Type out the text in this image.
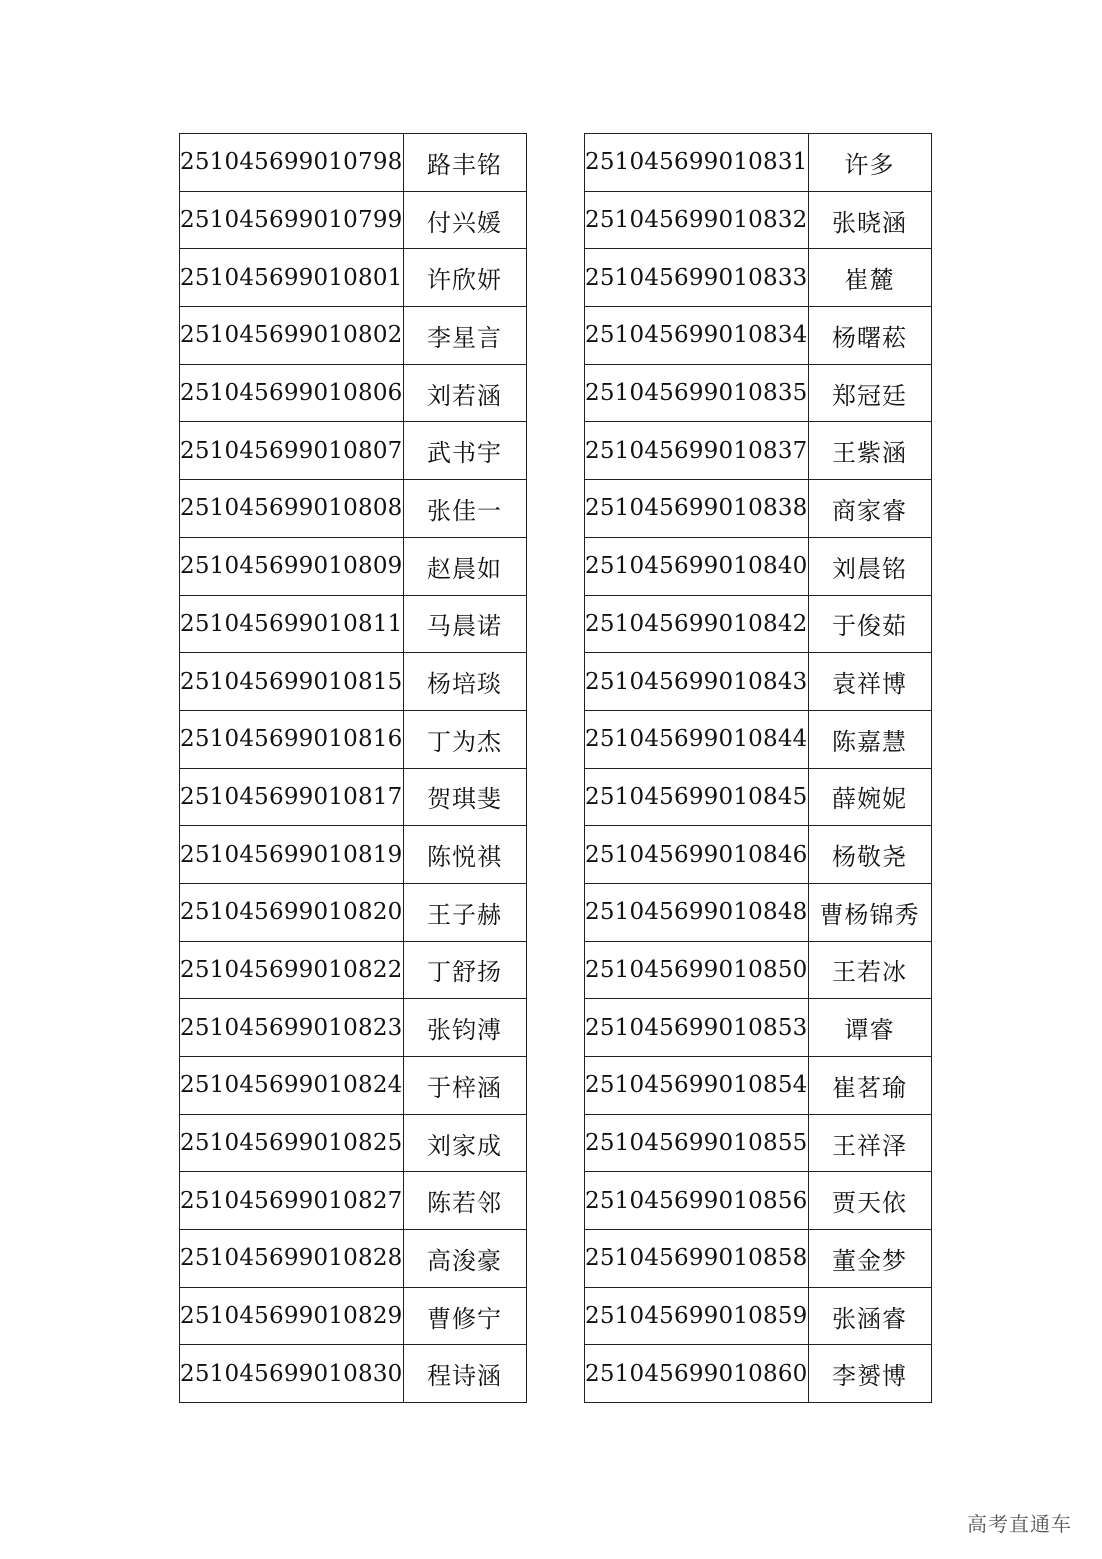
251045699010798	路丰铭
251045699010799	付兴媛
251045699010801	许欣妍
251045699010802	李星言
251045699010806	刘若涵
251045699010807	武书宇
251045699010808	张佳一
251045699010809	赵晨如
251045699010811	马晨诺
251045699010815	杨培琰
251045699010816	丁为杰
251045699010817	贺琪斐
251045699010819	陈悦祺
251045699010820	王子赫
251045699010822	丁舒扬
251045699010823	张钧溥
251045699010824	于梓涵
251045699010825	刘家成
251045699010827	陈若邻
251045699010828	高浚豪
251045699010829	曹修宁
251045699010830	程诗涵
251045699010831	许多
251045699010832	张晓涵
251045699010833	崔麓
251045699010834	杨曙菘
251045699010835	郑冠廷
251045699010837	王紫涵
251045699010838	商家睿
251045699010840	刘晨铭
251045699010842	于俊茹
251045699010843	袁祥博
251045699010844	陈嘉慧
251045699010845	薛婉妮
251045699010846	杨敬尧
251045699010848	曹杨锦秀
251045699010850	王若冰
251045699010853	谭睿
251045699010854	崔茗瑜
251045699010855	王祥泽
251045699010856	贾天依
251045699010858	董金梦
251045699010859	张涵睿
251045699010860	李赟博
高考直通车
